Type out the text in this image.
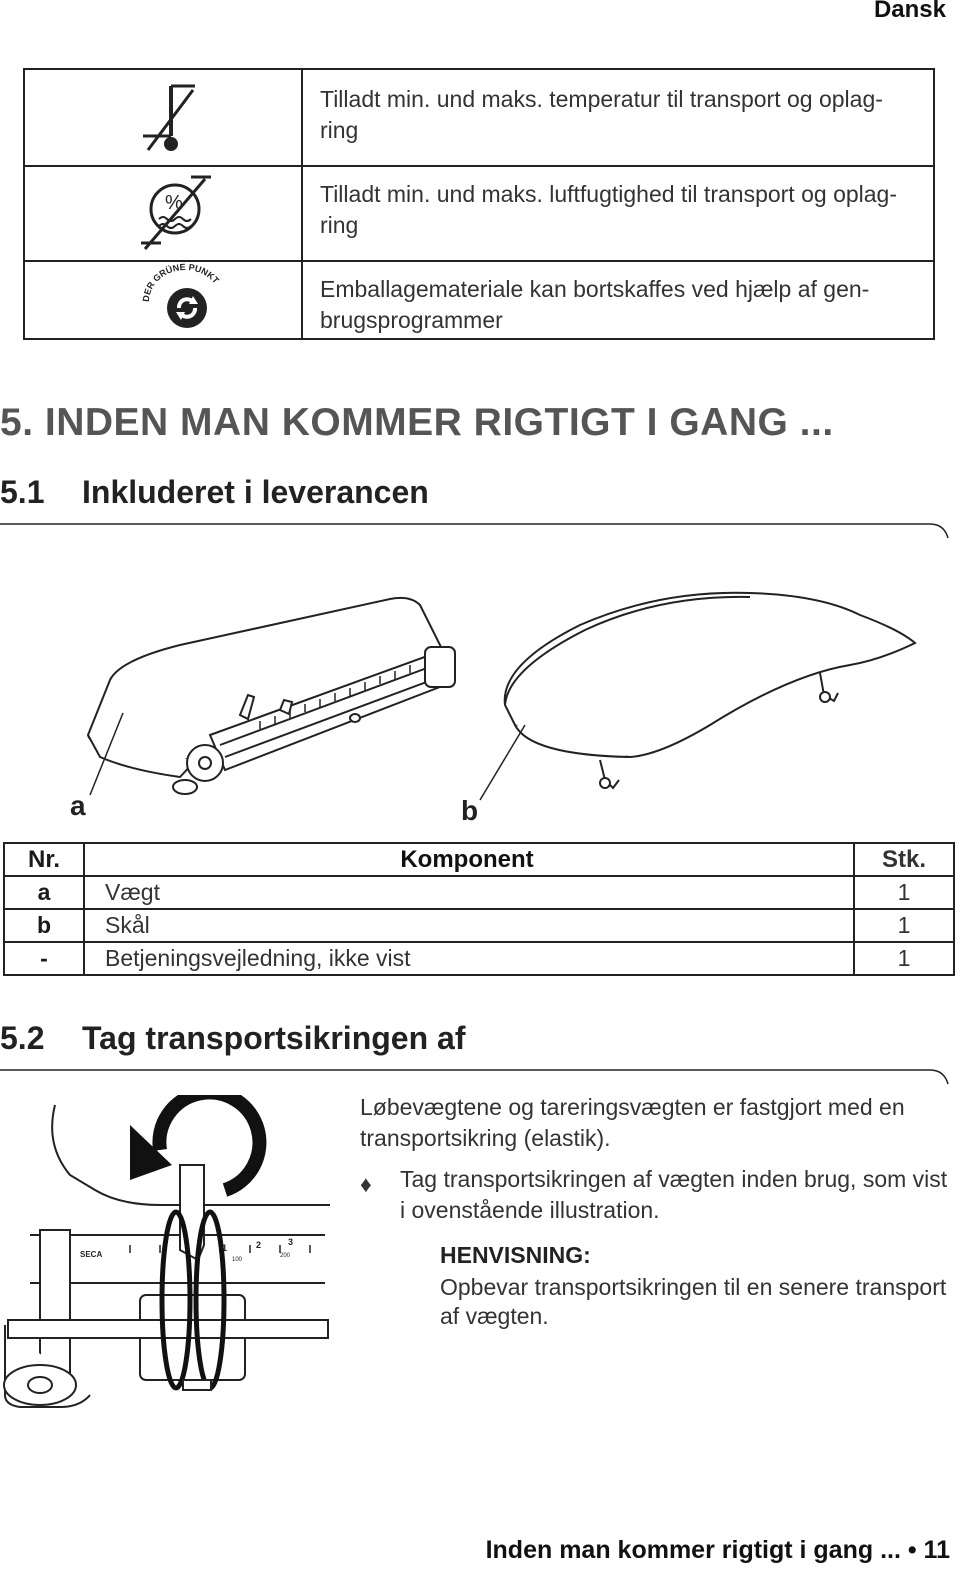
Dansk
Tilladt min. und maks. temperatur til transport og oplag-ring
%	Tilladt min. und maks. luftfugtighed til transport og oplag-ring
DER GRÜNE PUNKT	Emballagemateriale kan bortskaffes ved hjælp af gen-brugsprogrammer
5. INDEN MAN KOMMER RIGTIGT I GANG ...
5.1 Inkluderet i leverancen
a	b
Nr.	Komponent	Stk.
a	Vægt	1
b	Skål	1
-	Betjeningsvejledning, ikke vist	1
5.2 Tag transportsikringen af
SECA
1	2	3
100
200
Løbevægtene og tareringsvægten er fastgjort med en transportsikring (elastik).
♦ Tag transportsikringen af vægten inden brug, som vist i ovenstående illustration.
HENVISNING:
Opbevar transportsikringen til en senere transport af vægten.
Inden man kommer rigtigt i gang ... • 11
